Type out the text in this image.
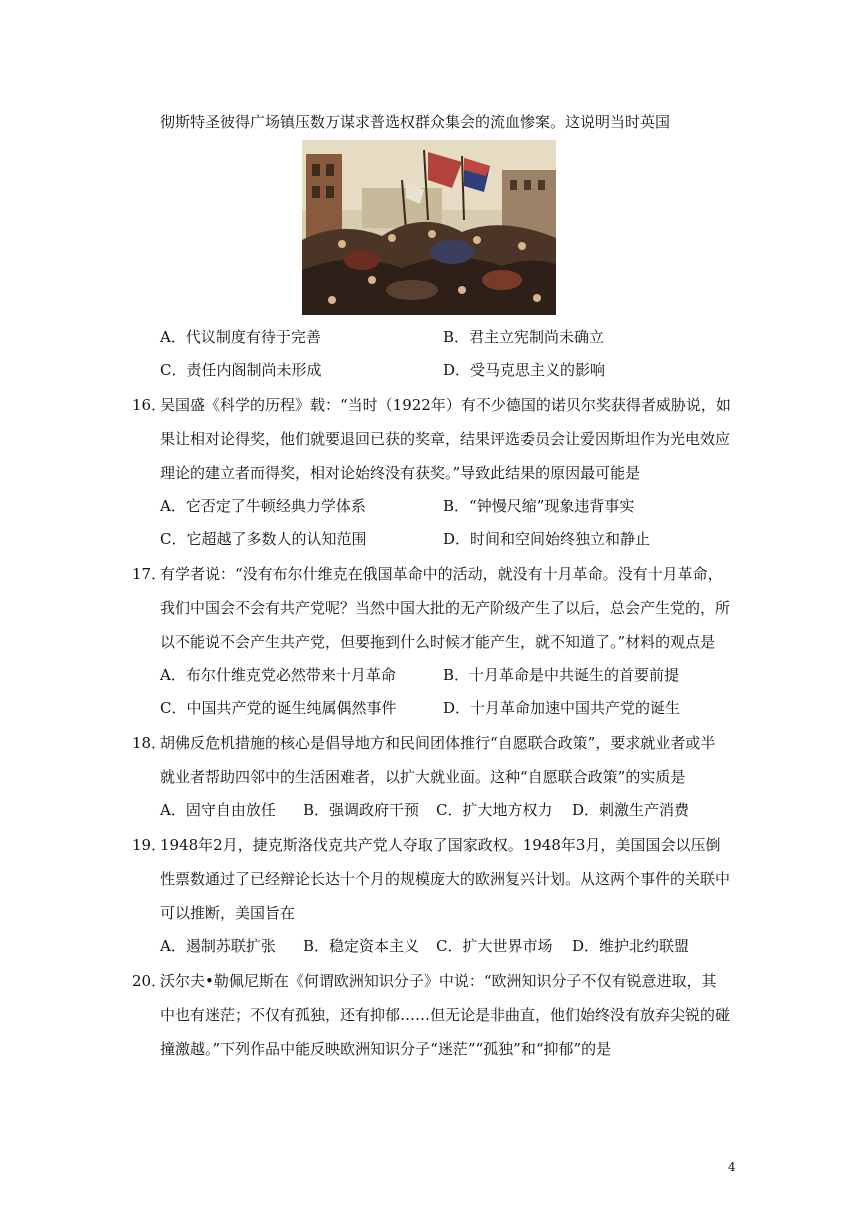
彻斯特圣彼得广场镇压数万谋求普选权群众集会的流血惨案。这说明当时英国
A．代议制度有待于完善	B．君主立宪制尚未确立
C．责任内阁制尚未形成	D．受马克思主义的影响
16．
吴国盛《科学的历程》载：“当时（1922年）有不少德国的诺贝尔奖获得者威胁说，如
果让相对论得奖，他们就要退回已获的奖章，结果评选委员会让爱因斯坦作为光电效应
理论的建立者而得奖，相对论始终没有获奖。”导致此结果的原因最可能是
A．它否定了牛顿经典力学体系	B．“钟慢尺缩”现象违背事实
C．它超越了多数人的认知范围	D．时间和空间始终独立和静止
17．
有学者说：“没有布尔什维克在俄国革命中的活动，就没有十月革命。没有十月革命，
我们中国会不会有共产党呢？当然中国大批的无产阶级产生了以后，总会产生党的，所
以不能说不会产生共产党，但要拖到什么时候才能产生，就不知道了。”材料的观点是
A．布尔什维克党必然带来十月革命	B．十月革命是中共诞生的首要前提
C．中国共产党的诞生纯属偶然事件	D．十月革命加速中国共产党的诞生
18．
胡佛反危机措施的核心是倡导地方和民间团体推行“自愿联合政策”，要求就业者或半
就业者帮助四邻中的生活困难者，以扩大就业面。这种“自愿联合政策”的实质是
A．固守自由放任 B．强调政府干预 C．扩大地方权力 D．刺激生产消费
19．
1948年2月，捷克斯洛伐克共产党人夺取了国家政权。1948年3月，美国国会以压倒
性票数通过了已经辩论长达十个月的规模庞大的欧洲复兴计划。从这两个事件的关联中
可以推断，美国旨在
A．遏制苏联扩张 B．稳定资本主义 C．扩大世界市场 D．维护北约联盟
20．
沃尔夫•勒佩尼斯在《何谓欧洲知识分子》中说：“欧洲知识分子不仅有锐意进取，其
中也有迷茫；不仅有孤独，还有抑郁……但无论是非曲直，他们始终没有放弃尖锐的碰
撞激越。”下列作品中能反映欧洲知识分子“迷茫”“孤独”和“抑郁”的是
4
